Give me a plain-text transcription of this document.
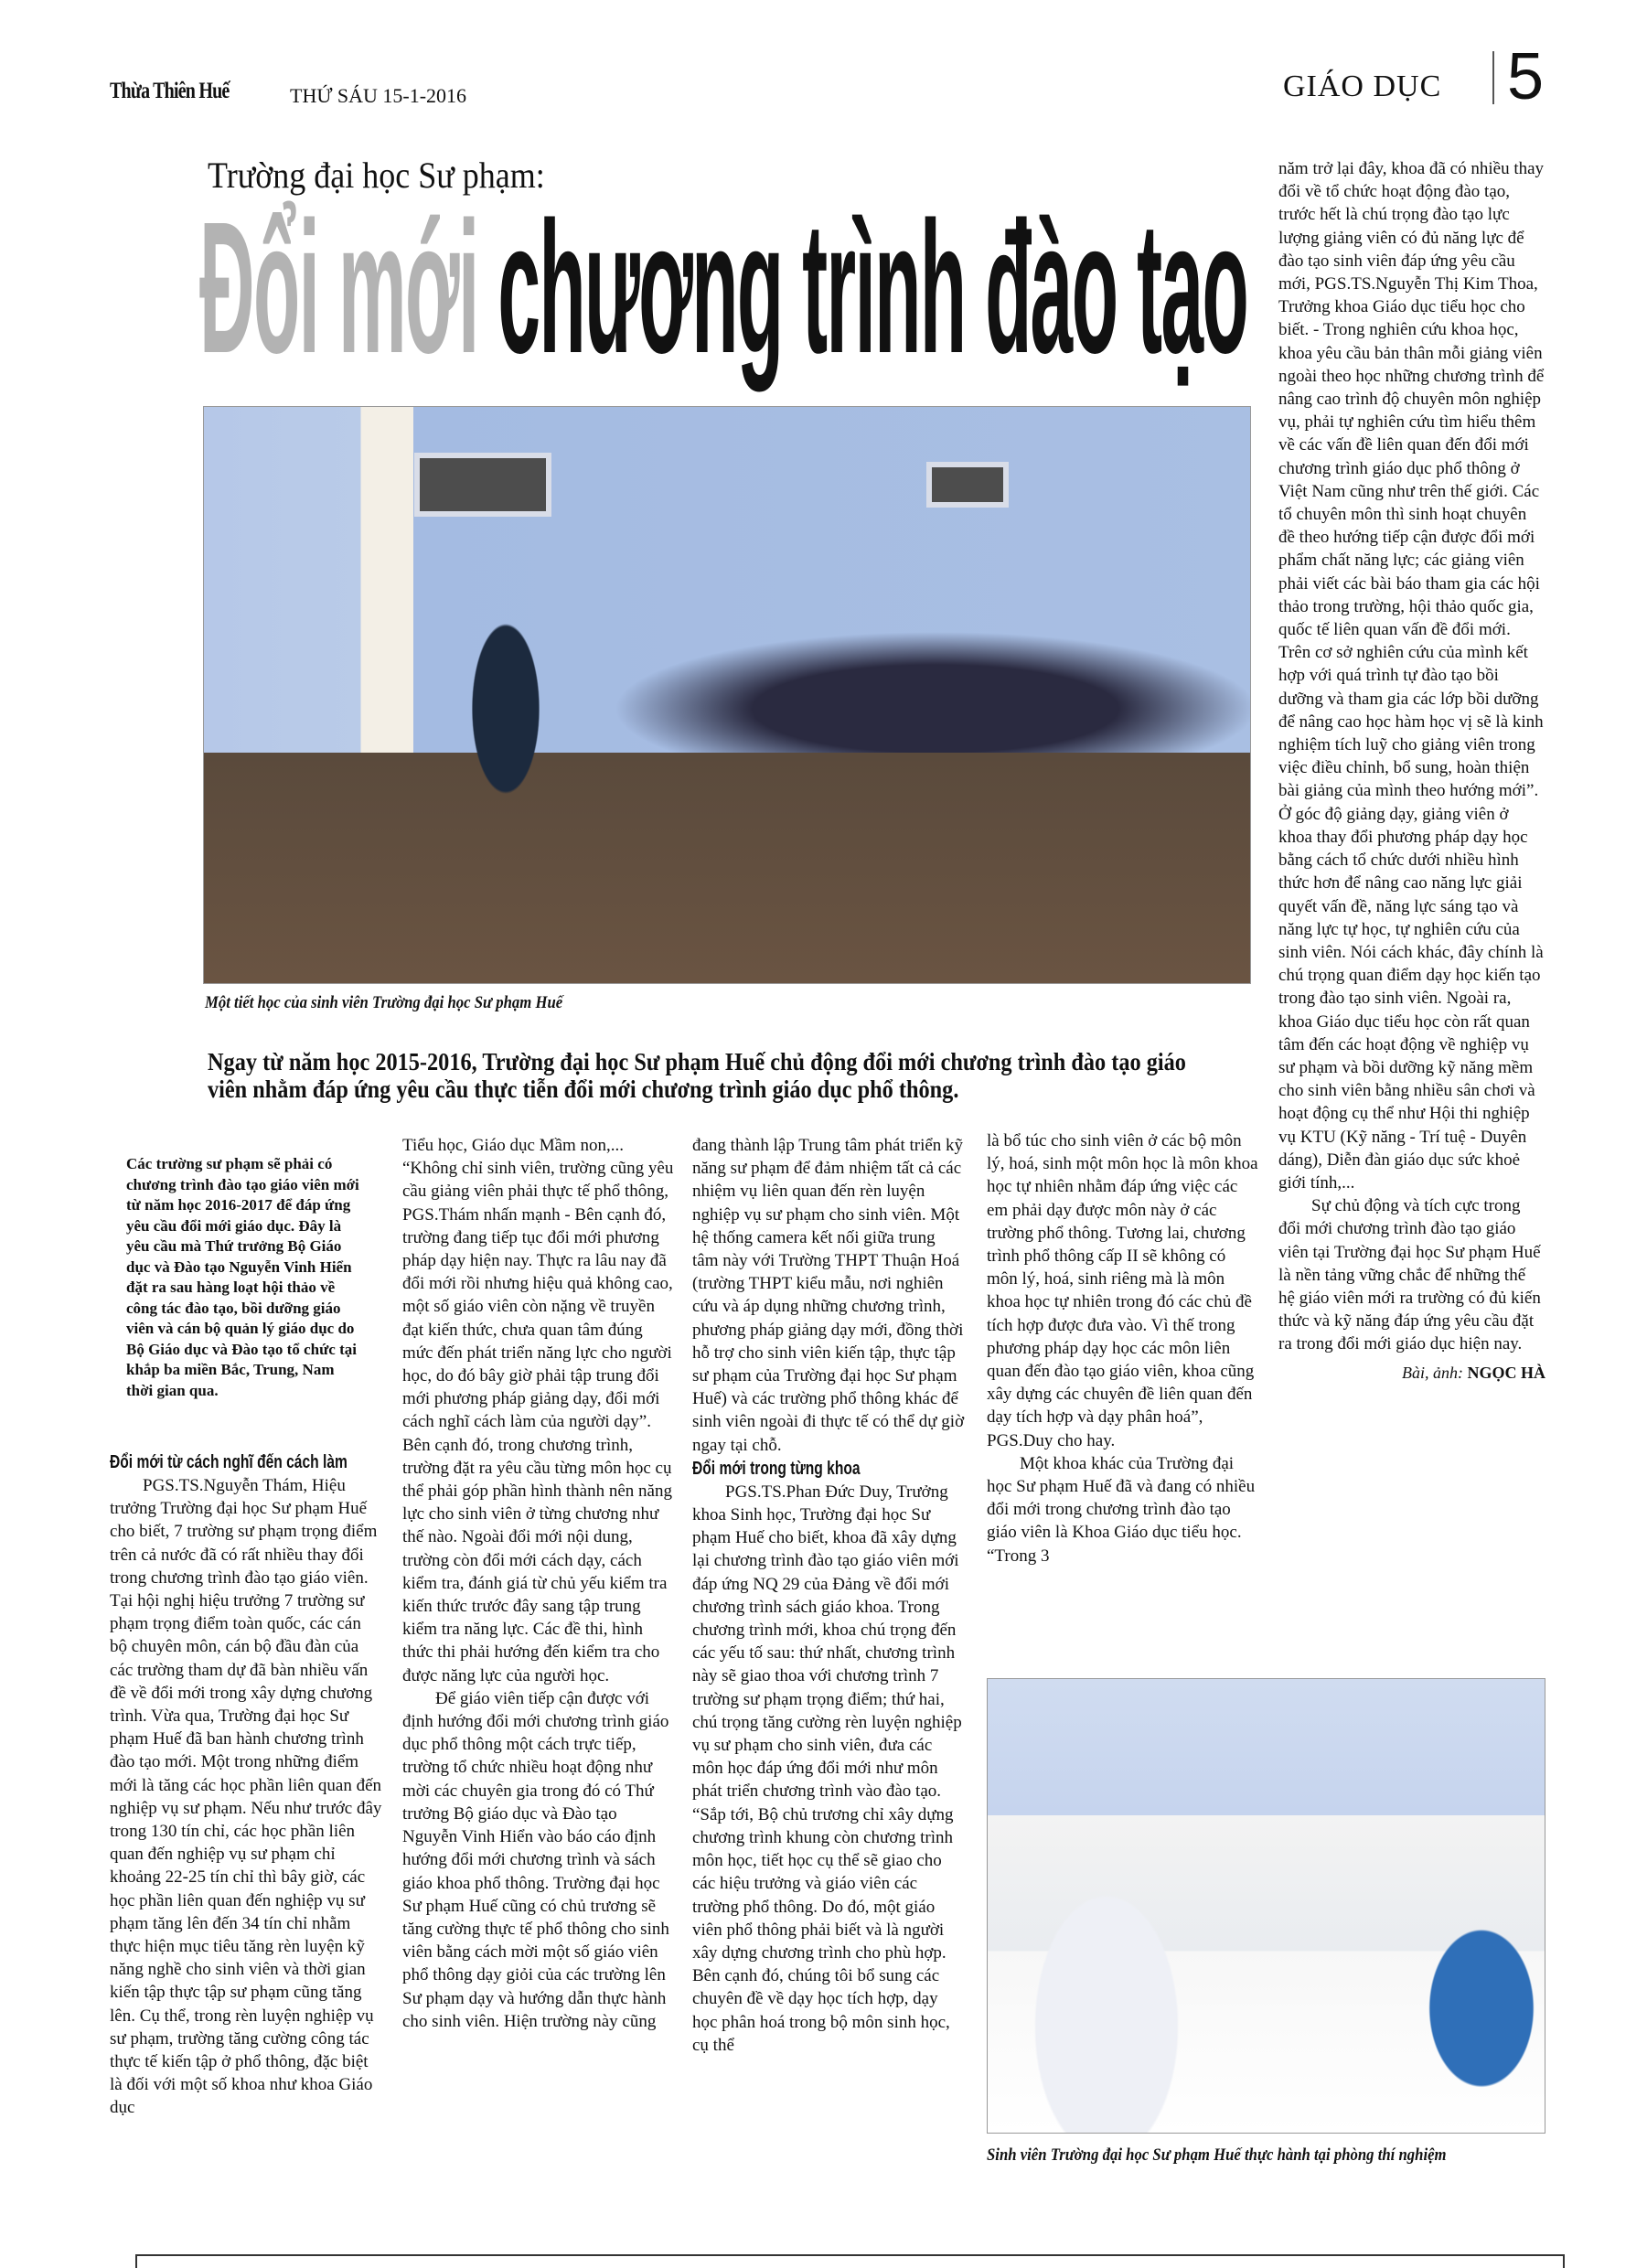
Thừa Thiên Huế	THỨ SÁU 15-1-2016	GIÁO DỤC 5
Trường đại học Sư phạm:
Đổi mới chương trình đào tạo
Một tiết học của sinh viên Trường đại học Sư phạm Huế
Ngay từ năm học 2015-2016, Trường đại học Sư phạm Huế chủ động đổi mới chương trình đào tạo giáo viên nhằm đáp ứng yêu cầu thực tiễn đổi mới chương trình giáo dục phổ thông.
Các trường sư phạm sẽ phải có chương trình đào tạo giáo viên mới từ năm học 2016-2017 để đáp ứng yêu cầu đổi mới giáo dục. Đây là yêu cầu mà Thứ trưởng Bộ Giáo dục và Đào tạo Nguyễn Vinh Hiển đặt ra sau hàng loạt hội thảo về công tác đào tạo, bồi dưỡng giáo viên và cán bộ quản lý giáo dục do Bộ Giáo dục và Đào tạo tổ chức tại khắp ba miền Bắc, Trung, Nam thời gian qua.
Đổi mới từ cách nghĩ đến cách làm

PGS.TS.Nguyễn Thám, Hiệu trưởng Trường đại học Sư phạm Huế cho biết, 7 trường sư phạm trọng điểm trên cả nước đã có rất nhiều thay đổi trong chương trình đào tạo giáo viên. Tại hội nghị hiệu trưởng 7 trường sư phạm trọng điểm toàn quốc, các cán bộ chuyên môn, cán bộ đầu đàn của các trường tham dự đã bàn nhiều vấn đề về đổi mới trong xây dựng chương trình. Vừa qua, Trường đại học Sư phạm Huế đã ban hành chương trình đào tạo mới. Một trong những điểm mới là tăng các học phần liên quan đến nghiệp vụ sư phạm. Nếu như trước đây trong 130 tín chỉ, các học phần liên quan đến nghiệp vụ sư phạm chỉ khoảng 22-25 tín chỉ thì bây giờ, các học phần liên quan đến nghiệp vụ sư phạm tăng lên đến 34 tín chỉ nhằm thực hiện mục tiêu tăng rèn luyện kỹ năng nghề cho sinh viên và thời gian kiến tập thực tập sư phạm cũng tăng lên. Cụ thể, trong rèn luyện nghiệp vụ sư phạm, trường tăng cường công tác thực tế kiến tập ở phổ thông, đặc biệt là đối với một số khoa như khoa Giáo dục

Tiểu học, Giáo dục Mầm non,... “Không chỉ sinh viên, trường cũng yêu cầu giảng viên phải thực tế phổ thông, PGS.Thám nhấn mạnh - Bên cạnh đó, trường đang tiếp tục đổi mới phương pháp dạy hiện nay. Thực ra lâu nay đã đổi mới rồi nhưng hiệu quả không cao, một số giáo viên còn nặng về truyền đạt kiến thức, chưa quan tâm đúng mức đến phát triển năng lực cho người học, do đó bây giờ phải tập trung đổi mới phương pháp giảng dạy, đổi mới cách nghĩ cách làm của người dạy”. Bên cạnh đó, trong chương trình, trường đặt ra yêu cầu từng môn học cụ thể phải góp phần hình thành nên năng lực cho sinh viên ở từng chương như thế nào. Ngoài đổi mới nội dung, trường còn đổi mới cách dạy, cách kiểm tra, đánh giá từ chủ yếu kiểm tra kiến thức trước đây sang tập trung kiểm tra năng lực. Các đề thi, hình thức thi phải hướng đến kiểm tra cho được năng lực của người học.

Để giáo viên tiếp cận được với định hướng đổi mới chương trình giáo dục phổ thông một cách trực tiếp, trường tổ chức nhiều hoạt động như mời các chuyên gia trong đó có Thứ trưởng Bộ giáo dục và Đào tạo Nguyễn Vinh Hiển vào báo cáo định hướng đổi mới chương trình và sách giáo khoa phổ thông. Trường đại học Sư phạm Huế cũng có chủ trương sẽ tăng cường thực tế phổ thông cho sinh viên bằng cách mời một số giáo viên phổ thông dạy giỏi của các trường lên Sư phạm dạy và hướng dẫn thực hành cho sinh viên. Hiện trường này cũng

đang thành lập Trung tâm phát triển kỹ năng sư phạm để đảm nhiệm tất cả các nhiệm vụ liên quan đến rèn luyện nghiệp vụ sư phạm cho sinh viên. Một hệ thống camera kết nối giữa trung tâm này với Trường THPT Thuận Hoá (trường THPT kiểu mẫu, nơi nghiên cứu và áp dụng những chương trình, phương pháp giảng dạy mới, đồng thời hỗ trợ cho sinh viên kiến tập, thực tập sư phạm của Trường đại học Sư phạm Huế) và các trường phổ thông khác để sinh viên ngoài đi thực tế có thể dự giờ ngay tại chỗ.

Đổi mới trong từng khoa

PGS.TS.Phan Đức Duy, Trưởng khoa Sinh học, Trường đại học Sư phạm Huế cho biết, khoa đã xây dựng lại chương trình đào tạo giáo viên mới đáp ứng NQ 29 của Đảng về đổi mới chương trình sách giáo khoa. Trong chương trình mới, khoa chú trọng đến các yếu tố sau: thứ nhất, chương trình này sẽ giao thoa với chương trình 7 trường sư phạm trọng điểm; thứ hai, chú trọng tăng cường rèn luyện nghiệp vụ sư phạm cho sinh viên, đưa các môn học đáp ứng đổi mới như môn phát triển chương trình vào đào tạo. “Sắp tới, Bộ chủ trương chỉ xây dựng chương trình khung còn chương trình môn học, tiết học cụ thể sẽ giao cho các hiệu trưởng và giáo viên các trường phổ thông. Do đó, một giáo viên phổ thông phải biết và là người xây dựng chương trình cho phù hợp. Bên cạnh đó, chúng tôi bổ sung các chuyên đề về dạy học tích hợp, dạy học phân hoá trong bộ môn sinh học, cụ thể

là bổ túc cho sinh viên ở các bộ môn lý, hoá, sinh một môn học là môn khoa học tự nhiên nhằm đáp ứng việc các em phải dạy được môn này ở các trường phổ thông. Tương lai, chương trình phổ thông cấp II sẽ không có môn lý, hoá, sinh riêng mà là môn khoa học tự nhiên trong đó các chủ đề tích hợp được đưa vào. Vì thế trong phương pháp dạy học các môn liên quan đến đào tạo giáo viên, khoa cũng xây dựng các chuyên đề liên quan đến dạy tích hợp và dạy phân hoá”, PGS.Duy cho hay.

Một khoa khác của Trường đại học Sư phạm Huế đã và đang có nhiều đổi mới trong chương trình đào tạo giáo viên là Khoa Giáo dục tiểu học. “Trong 3

năm trở lại đây, khoa đã có nhiều thay đổi về tổ chức hoạt động đào tạo, trước hết là chú trọng đào tạo lực lượng giảng viên có đủ năng lực để đào tạo sinh viên đáp ứng yêu cầu mới, PGS.TS.Nguyễn Thị Kim Thoa, Trưởng khoa Giáo dục tiểu học cho biết. - Trong nghiên cứu khoa học, khoa yêu cầu bản thân mỗi giảng viên ngoài theo học những chương trình để nâng cao trình độ chuyên môn nghiệp vụ, phải tự nghiên cứu tìm hiểu thêm về các vấn đề liên quan đến đổi mới chương trình giáo dục phổ thông ở Việt Nam cũng như trên thế giới. Các tổ chuyên môn thì sinh hoạt chuyên đề theo hướng tiếp cận được đổi mới phẩm chất năng lực; các giảng viên phải viết các bài báo tham gia các hội thảo trong trường, hội thảo quốc gia, quốc tế liên quan vấn đề đổi mới. Trên cơ sở nghiên cứu của mình kết hợp với quá trình tự đào tạo bồi dưỡng và tham gia các lớp bồi dưỡng để nâng cao học hàm học vị sẽ là kinh nghiệm tích luỹ cho giảng viên trong việc điều chỉnh, bổ sung, hoàn thiện bài giảng của mình theo hướng mới”. Ở góc độ giảng dạy, giảng viên ở khoa thay đổi phương pháp dạy học bằng cách tổ chức dưới nhiều hình thức hơn để nâng cao năng lực giải quyết vấn đề, năng lực sáng tạo và năng lực tự học, tự nghiên cứu của sinh viên. Nói cách khác, đây chính là chú trọng quan điểm dạy học kiến tạo trong đào tạo sinh viên. Ngoài ra, khoa Giáo dục tiểu học còn rất quan tâm đến các hoạt động về nghiệp vụ sư phạm và bồi dưỡng kỹ năng mềm cho sinh viên bằng nhiều sân chơi và hoạt động cụ thể như Hội thi nghiệp vụ KTU (Kỹ năng - Trí tuệ - Duyên dáng), Diễn đàn giáo dục sức khoẻ giới tính,...

Sự chủ động và tích cực trong đổi mới chương trình đào tạo giáo viên tại Trường đại học Sư phạm Huế là nền tảng vững chắc để những thế hệ giáo viên mới ra trường có đủ kiến thức và kỹ năng đáp ứng yêu cầu đặt ra trong đổi mới giáo dục hiện nay.

Bài, ảnh: NGỌC HÀ
Sinh viên Trường đại học Sư phạm Huế thực hành tại phòng thí nghiệm
